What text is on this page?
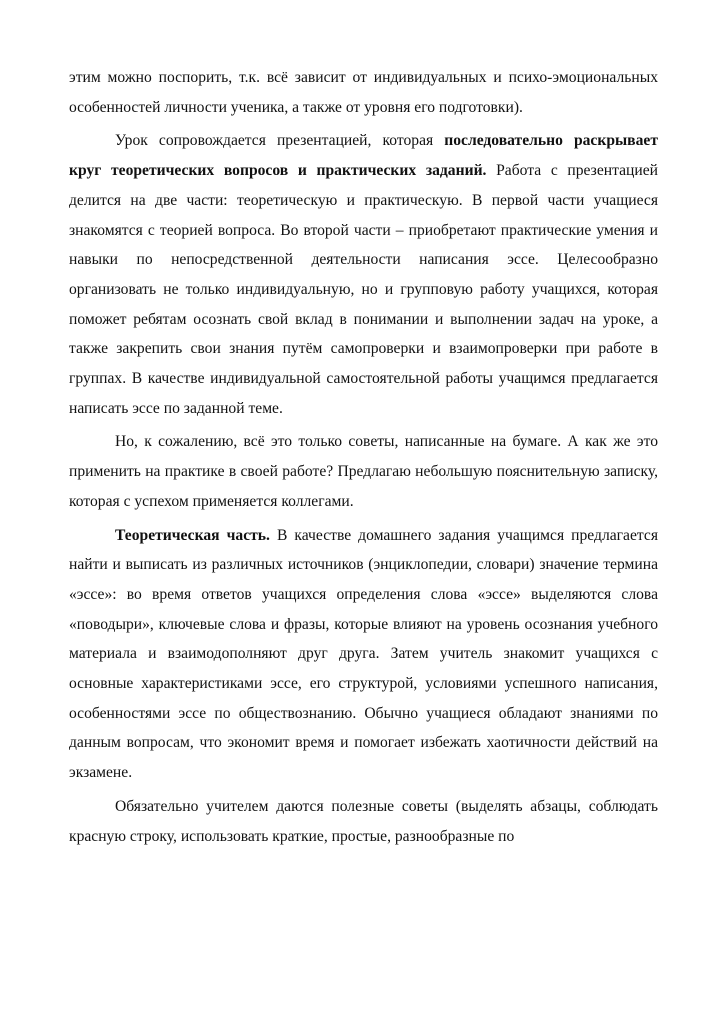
этим можно поспорить, т.к. всё зависит от индивидуальных и психо-эмоциональных особенностей личности ученика, а также от уровня его подготовки).

Урок сопровождается презентацией, которая последовательно раскрывает круг теоретических вопросов и практических заданий. Работа с презентацией делится на две части: теоретическую и практическую. В первой части учащиеся знакомятся с теорией вопроса. Во второй части – приобретают практические умения и навыки по непосредственной деятельности написания эссе. Целесообразно организовать не только индивидуальную, но и групповую работу учащихся, которая поможет ребятам осознать свой вклад в понимании и выполнении задач на уроке, а также закрепить свои знания путём самопроверки и взаимопроверки при работе в группах. В качестве индивидуальной самостоятельной работы учащимся предлагается написать эссе по заданной теме.

Но, к сожалению, всё это только советы, написанные на бумаге. А как же это применить на практике в своей работе? Предлагаю небольшую пояснительную записку, которая с успехом применяется коллегами.

Теоретическая часть. В качестве домашнего задания учащимся предлагается найти и выписать из различных источников (энциклопедии, словари) значение термина «эссе»: во время ответов учащихся определения слова «эссе» выделяются слова «поводыри», ключевые слова и фразы, которые влияют на уровень осознания учебного материала и взаимодополняют друг друга. Затем учитель знакомит учащихся с основные характеристиками эссе, его структурой, условиями успешного написания, особенностями эссе по обществознанию. Обычно учащиеся обладают знаниями по данным вопросам, что экономит время и помогает избежать хаотичности действий на экзамене.

Обязательно учителем даются полезные советы (выделять абзацы, соблюдать красную строку, использовать краткие, простые, разнообразные по
